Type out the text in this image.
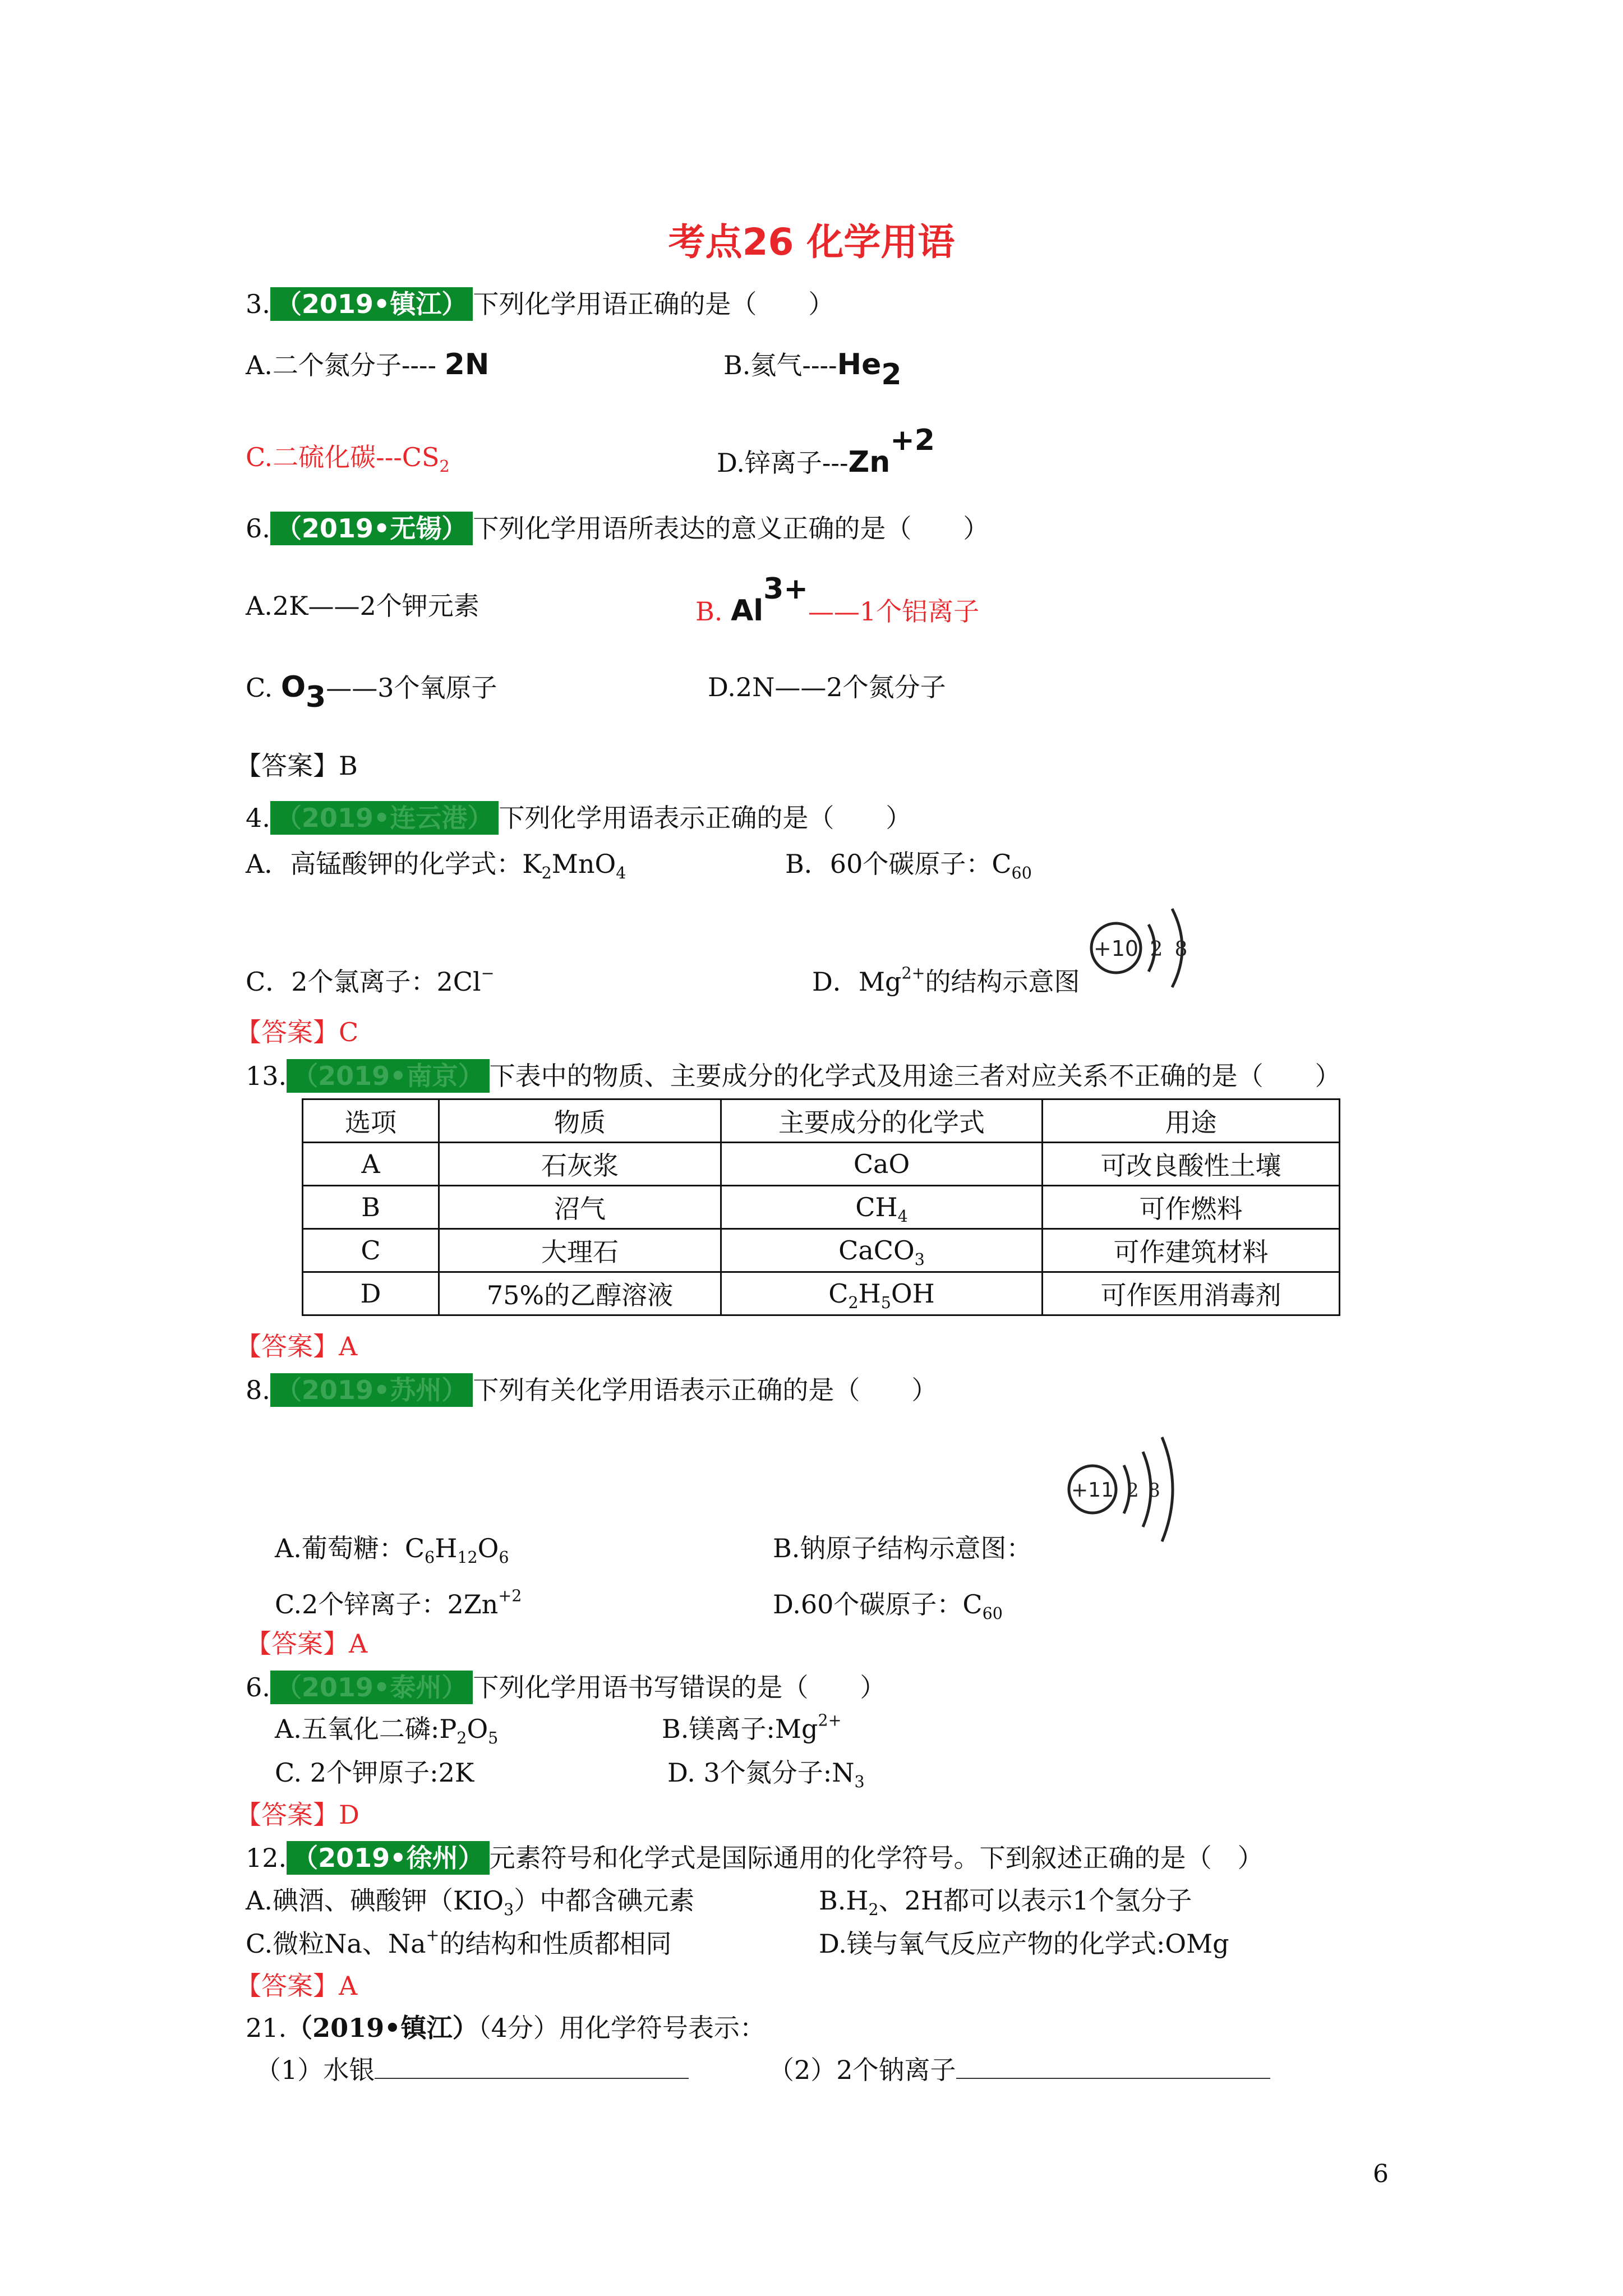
考点26 化学用语
3. （2019•镇江） 下列化学用语正确的是（　　）
A.二个氮分子---- 2N	B.氦气$----He_2$
C.二硫化碳$---CS_2$	D.锌离子$---Zn^{+2}$
6. （2019•无锡） 下列化学用语所表达的意义正确的是（　　）
A.2K——2个钾元素	B. $Al^{3+}——1$个铝离子
C. $O_3——3$个氧原子	D.2N——2个氮分子
【答案】B
4. （2019•连云港） 下列化学用语表示正确的是（　　）
A．高锰酸钾的化学式：$K_2MnO_4$	B．60个碳原子：$C_{60}$
C．2个氯离子：2Cl−	D．$Mg^{2+}$的结构示意图
+10 2 8
【答案】C
13. （2019•南京） 下表中的物质、主要成分的化学式及用途三者对应关系不正确的是（　　）
选项	物质	主要成分的化学式	用途
A	石灰浆	CaO	可改良酸性土壤
B	沼气	$CH_4$	可作燃料
C	大理石	CaCO$_3$	可作建筑材料
D	75%的乙醇溶液	$C_2H_5OH$	可作医用消毒剂
【答案】A
8. （2019•苏州） 下列有关化学用语表示正确的是（　　）
A.葡萄糖：$C_6H_{12}O_6$	B.钠原子结构示意图：
+11 2 8
C.2个锌离子：$2Zn^{+2}$	D.60个碳原子：$C_{60}$
【答案】A
6. （2019•泰州） 下列化学用语书写错误的是（　　）
A.五氧化二磷$:P_2O_5$	B.镁离子$:Mg^{2+}$
C. 2个钾原子:2K	D. 3个氮分子$:N_3$
【答案】D
12. （2019•徐州） 元素符号和化学式是国际通用的化学符号。下到叙述正确的是（　）
A.碘酒、碘酸钾$(KIO_3)$中都含碘元素	$B.H_2$、2H都可以表示1个氢分子
C.微粒Na、Na+的结构和性质都相同	D.镁与氧气反应产物的化学式:OMg
【答案】A
21.（2019•镇江）（4分）用化学符号表示：
（1）水银	（2）2个钠离子
6
